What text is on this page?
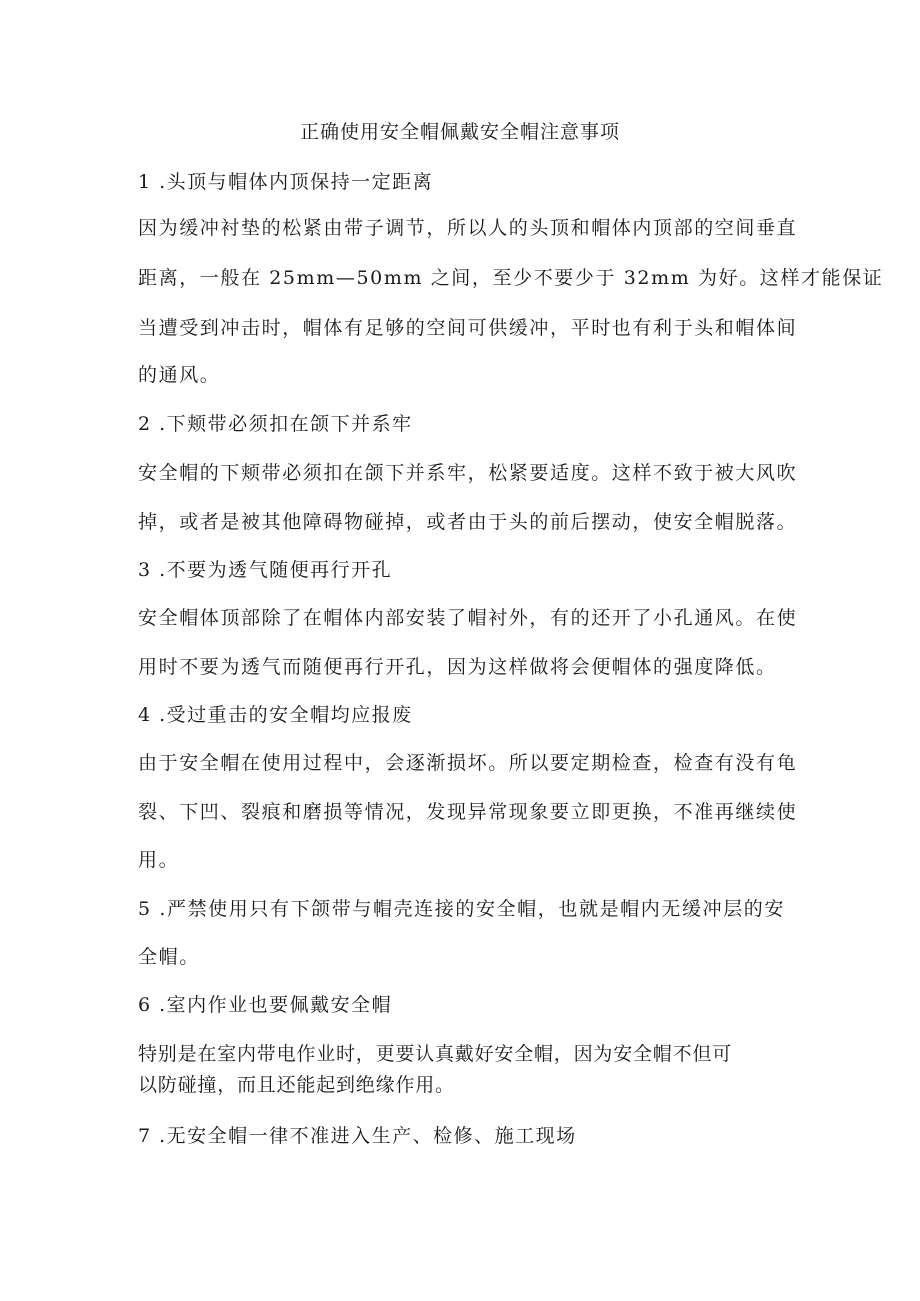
正确使用安全帽佩戴安全帽注意事项
1 .头顶与帽体内顶保持一定距离
因为缓冲衬垫的松紧由带子调节，所以人的头顶和帽体内顶部的空间垂直
距离，一般在 25mm—50mm 之间，至少不要少于 32mm 为好。这样才能保证
当遭受到冲击时，帽体有足够的空间可供缓冲，平时也有利于头和帽体间
的通风。
2 .下颊带必须扣在颌下并系牢
安全帽的下颊带必须扣在颌下并系牢，松紧要适度。这样不致于被大风吹
掉，或者是被其他障碍物碰掉，或者由于头的前后摆动，使安全帽脱落。
3 .不要为透气随便再行开孔
安全帽体顶部除了在帽体内部安装了帽衬外，有的还开了小孔通风。在使
用时不要为透气而随便再行开孔，因为这样做将会便帽体的强度降低。
4 .受过重击的安全帽均应报废
由于安全帽在使用过程中，会逐渐损坏。所以要定期检查，检查有没有龟
裂、下凹、裂痕和磨损等情况，发现异常现象要立即更换，不准再继续使
用。
5 .严禁使用只有下颌带与帽壳连接的安全帽，也就是帽内无缓冲层的安
全帽。
6 .室内作业也要佩戴安全帽
特别是在室内带电作业时，更要认真戴好安全帽，因为安全帽不但可
以防碰撞，而且还能起到绝缘作用。
7 .无安全帽一律不准进入生产、检修、施工现场
